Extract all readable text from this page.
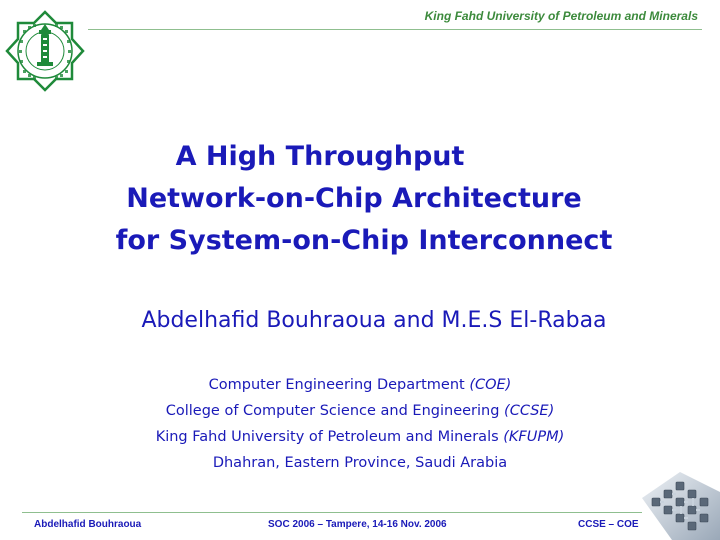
King Fahd University of Petroleum and Minerals
A High Throughput
Network-on-Chip Architecture
for System-on-Chip Interconnect
Abdelhafid Bouhraoua and M.E.S El-Rabaa
Computer Engineering Department (COE)
College of Computer Science and Engineering (CCSE)
King Fahd University of Petroleum and Minerals (KFUPM)
Dhahran, Eastern Province, Saudi Arabia
Abdelhafid Bouhraoua	SOC 2006 – Tampere, 14-16 Nov. 2006	CCSE – COE
